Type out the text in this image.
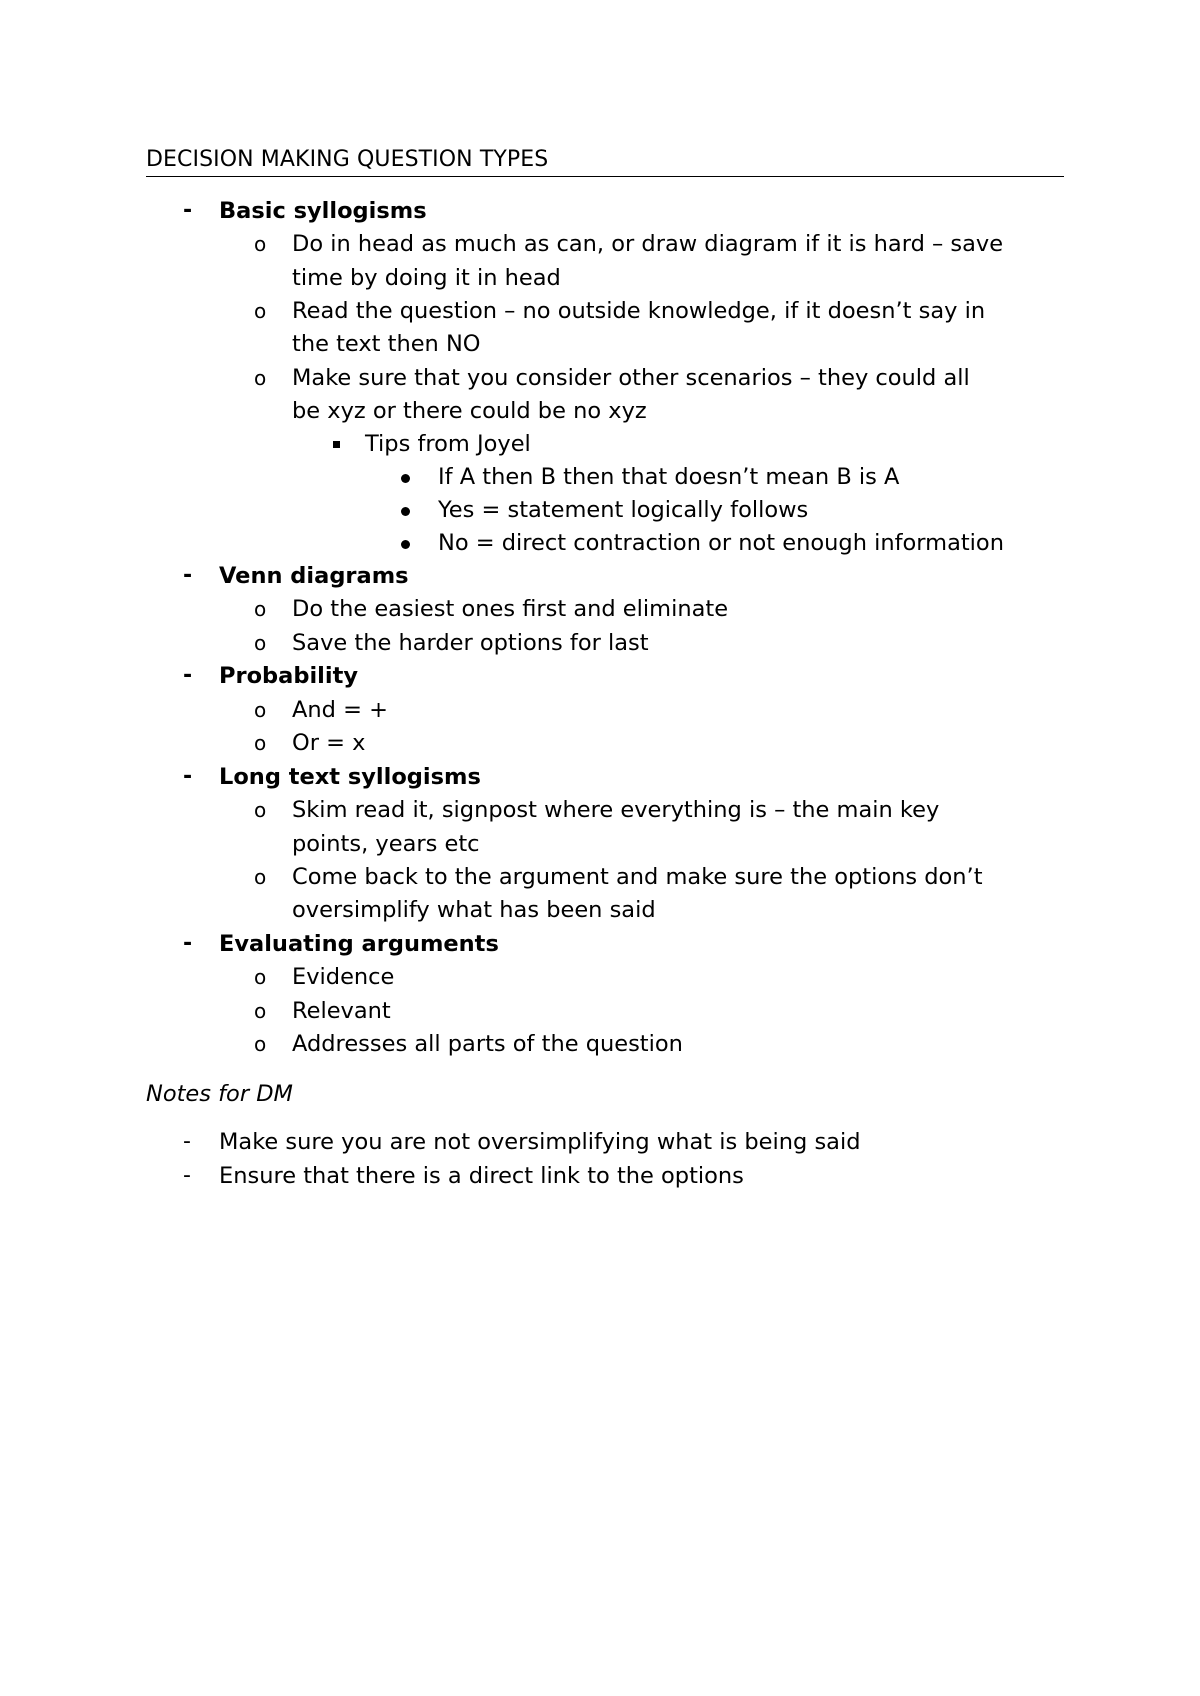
DECISION MAKING QUESTION TYPES
- Basic syllogisms
o Do in head as much as can, or draw diagram if it is hard – save
time by doing it in head
o Read the question – no outside knowledge, if it doesn’t say in
the text then NO
o Make sure that you consider other scenarios – they could all
be xyz or there could be no xyz
Tips from Joyel
If A then B then that doesn’t mean B is A
Yes = statement logically follows
No = direct contraction or not enough information
- Venn diagrams
o Do the easiest ones first and eliminate
o Save the harder options for last
- Probability
o And = +
o Or = x
- Long text syllogisms
o Skim read it, signpost where everything is – the main key
points, years etc
o Come back to the argument and make sure the options don’t
oversimplify what has been said
- Evaluating arguments
o Evidence
o Relevant
o Addresses all parts of the question
Notes for DM
- Make sure you are not oversimplifying what is being said
- Ensure that there is a direct link to the options
